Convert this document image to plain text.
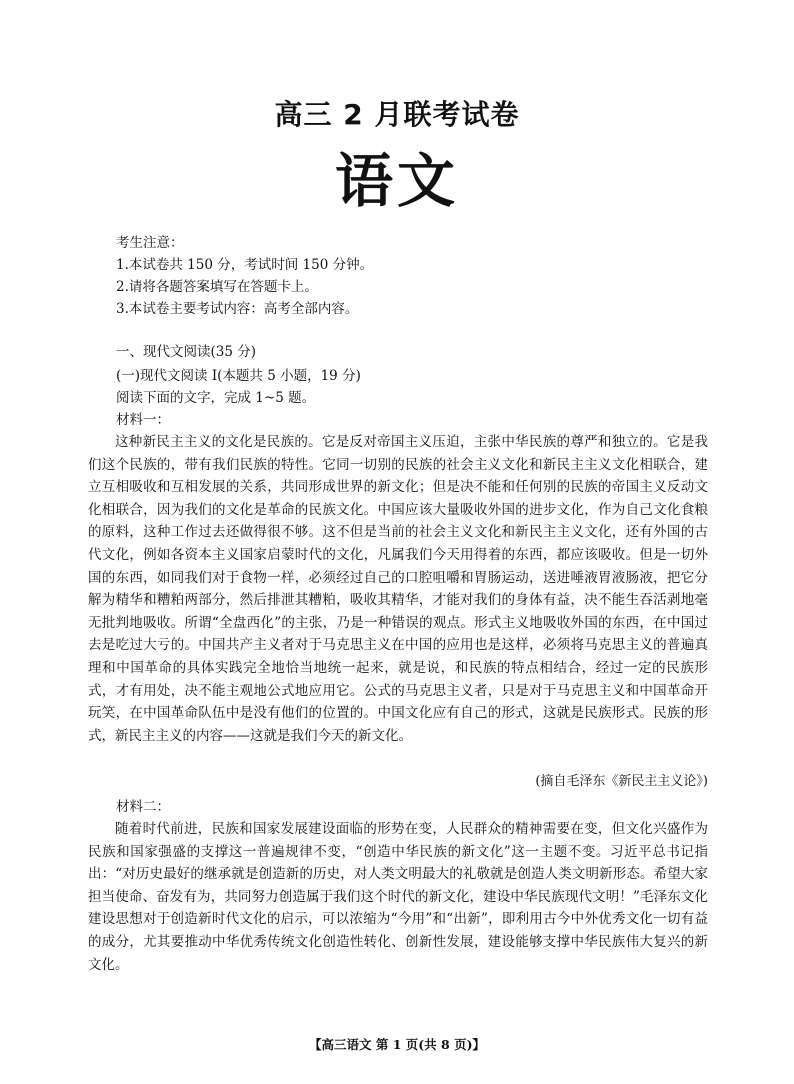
高三 2 月联考试卷
语文
考生注意：
1.本试卷共 150 分，考试时间 150 分钟。
2.请将各题答案填写在答题卡上。
3.本试卷主要考试内容：高考全部内容。
一、现代文阅读(35 分)
(一)现代文阅读 Ⅰ(本题共 5 小题，19 分)
阅读下面的文字，完成 1~5 题。
材料一：
这种新民主主义的文化是民族的。它是反对帝国主义压迫，主张中华民族的尊严和独立的。它是我们这个民族的，带有我们民族的特性。它同一切别的民族的社会主义文化和新民主主义文化相联合，建立互相吸收和互相发展的关系，共同形成世界的新文化；但是决不能和任何别的民族的帝国主义反动文化相联合，因为我们的文化是革命的民族文化。中国应该大量吸收外国的进步文化，作为自己文化食粮的原料，这种工作过去还做得很不够。这不但是当前的社会主义文化和新民主主义文化，还有外国的古代文化，例如各资本主义国家启蒙时代的文化，凡属我们今天用得着的东西，都应该吸收。但是一切外国的东西，如同我们对于食物一样，必须经过自己的口腔咀嚼和胃肠运动，送进唾液胃液肠液，把它分解为精华和糟粕两部分，然后排泄其糟粕，吸收其精华，才能对我们的身体有益，决不能生吞活剥地毫无批判地吸收。所谓“全盘西化”的主张，乃是一种错误的观点。形式主义地吸收外国的东西，在中国过去是吃过大亏的。中国共产主义者对于马克思主义在中国的应用也是这样，必须将马克思主义的普遍真理和中国革命的具体实践完全地恰当地统一起来，就是说，和民族的特点相结合，经过一定的民族形式，才有用处，决不能主观地公式地应用它。公式的马克思主义者，只是对于马克思主义和中国革命开玩笑，在中国革命队伍中是没有他们的位置的。中国文化应有自己的形式，这就是民族形式。民族的形式，新民主主义的内容——这就是我们今天的新文化。
(摘自毛泽东《新民主主义论》)
材料二：
随着时代前进，民族和国家发展建设面临的形势在变，人民群众的精神需要在变，但文化兴盛作为民族和国家强盛的支撑这一普遍规律不变，“创造中华民族的新文化”这一主题不变。习近平总书记指出：“对历史最好的继承就是创造新的历史，对人类文明最大的礼敬就是创造人类文明新形态。希望大家担当使命、奋发有为，共同努力创造属于我们这个时代的新文化，建设中华民族现代文明！”毛泽东文化建设思想对于创造新时代文化的启示，可以浓缩为“今用”和“出新”，即利用古今中外优秀文化一切有益的成分，尤其要推动中华优秀传统文化创造性转化、创新性发展，建设能够支撑中华民族伟大复兴的新文化。
【高三语文 第 1 页(共 8 页)】
